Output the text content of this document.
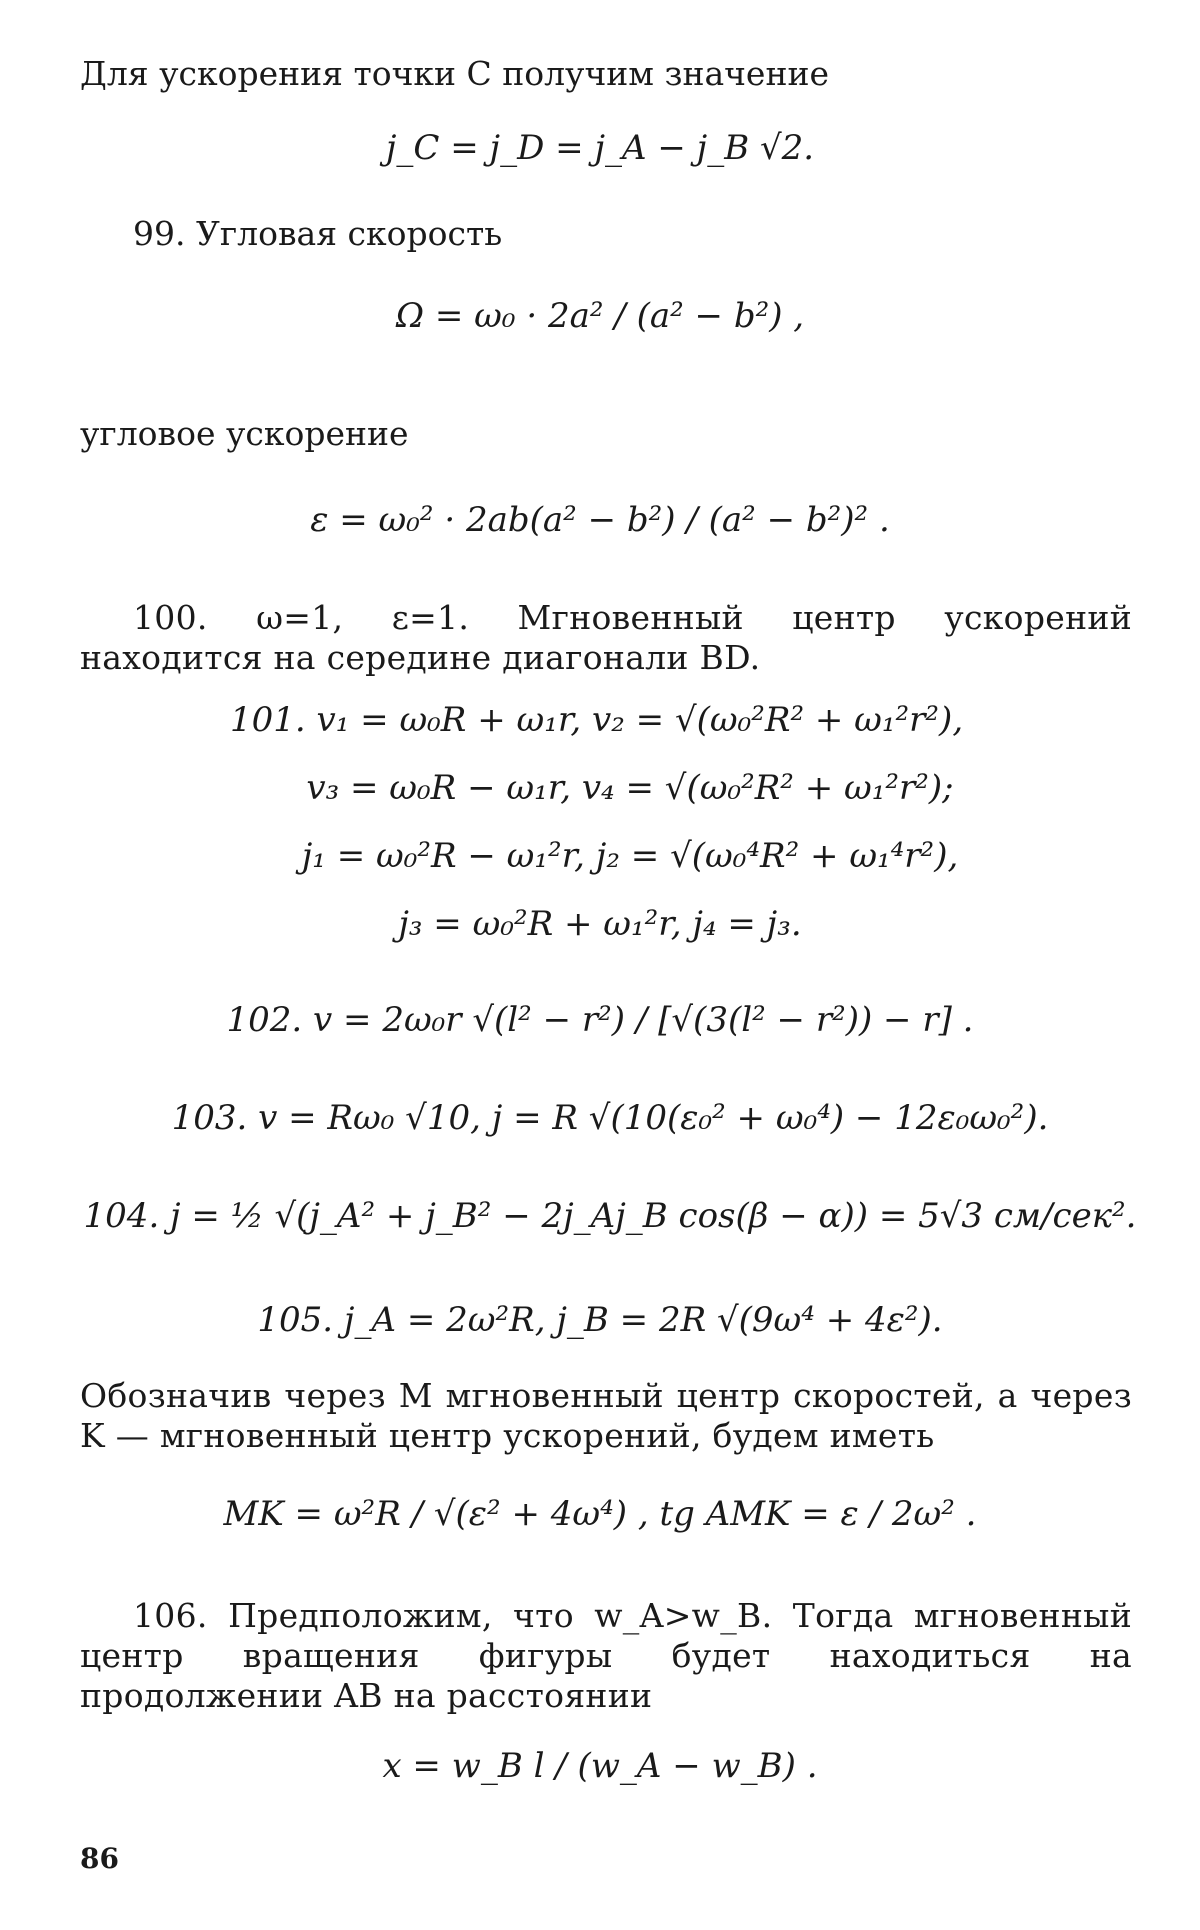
Для ускорения точки C получим значение
j_C = j_D = j_A − j_B √2.
99. Угловая скорость
Ω = ω₀ · 2a² / (a² − b²) ,
угловое ускорение
ε = ω₀² · 2ab(a² − b²) / (a² − b²)² .
100. ω=1, ε=1. Мгновенный центр ускорений находится на середине диагонали BD.
101. v₁ = ω₀R + ω₁r, v₂ = √(ω₀²R² + ω₁²r²),
v₃ = ω₀R − ω₁r, v₄ = √(ω₀²R² + ω₁²r²);
j₁ = ω₀²R − ω₁²r, j₂ = √(ω₀⁴R² + ω₁⁴r²),
j₃ = ω₀²R + ω₁²r, j₄ = j₃.
102. v = 2ω₀r √(l² − r²) / [√(3(l² − r²)) − r] .
103. v = Rω₀ √10, j = R √(10(ε₀² + ω₀⁴) − 12ε₀ω₀²).
104. j = ½ √(j_A² + j_B² − 2j_Aj_B cos(β − α)) = 5√3 см/сек².
105. j_A = 2ω²R, j_B = 2R √(9ω⁴ + 4ε²).
Обозначив через M мгновенный центр скоростей, а через K — мгновенный центр ускорений, будем иметь
MK = ω²R / √(ε² + 4ω⁴) , tg AMK = ε / 2ω² .
106. Предположим, что w_A>w_B. Тогда мгновенный центр вращения фигуры будет находиться на продолжении AB на расстоянии
x = w_B l / (w_A − w_B) .
86
